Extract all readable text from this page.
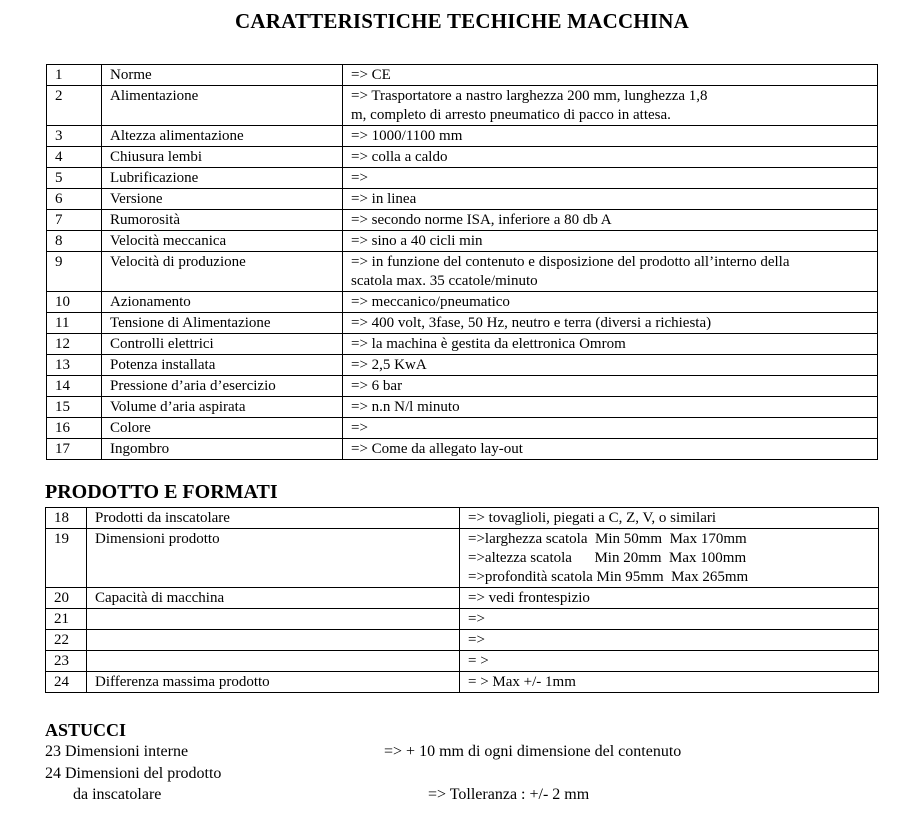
CARATTERISTICHE TECHICHE MACCHINA
1	Norme	=> CE

2	Alimentazione	=> Trasportatore a nastro larghezza 200 mm, lunghezza 1,8
m, completo di arresto pneumatico di pacco in attesa.

3	Altezza alimentazione	=> 1000/1100 mm

4	Chiusura lembi	=> colla a caldo

5	Lubrificazione	=>

6	Versione	=> in linea

7	Rumorosità	=> secondo norme ISA, inferiore a 80 db A

8	Velocità meccanica	=> sino a 40 cicli min

9	Velocità di produzione	=> in funzione del contenuto e disposizione del prodotto all’interno della
scatola max. 35 ccatole/minuto

10	Azionamento	=> meccanico/pneumatico

11	Tensione di Alimentazione	=> 400 volt, 3fase, 50 Hz, neutro e terra (diversi a richiesta)

12	Controlli elettrici	=> la machina è gestita da elettronica Omrom

13	Potenza installata	=> 2,5 KwA

14	Pressione d’aria d’esercizio	=> 6 bar

15	Volume d’aria aspirata	=> n.n N/l minuto

16	Colore	=>

17	Ingombro	=> Come da allegato lay-out
PRODOTTO E FORMATI
18	Prodotti da inscatolare	=> tovaglioli, piegati a C, Z, V, o similari

19	Dimensioni prodotto	=>larghezza scatola  Min 50mm  Max 170mm
=>altezza scatola      Min 20mm  Max 100mm
=>profondità scatola Min 95mm  Max 265mm

20	Capacità di macchina	=> vedi frontespizio

21		=>

22		=>

23		= >

24	Differenza massima prodotto	= > Max +/- 1mm
ASTUCCI
23 Dimensioni interne	=> + 10 mm di ogni dimensione del contenuto
24 Dimensioni del prodotto
da inscatolare	=> Tolleranza : +/- 2 mm
